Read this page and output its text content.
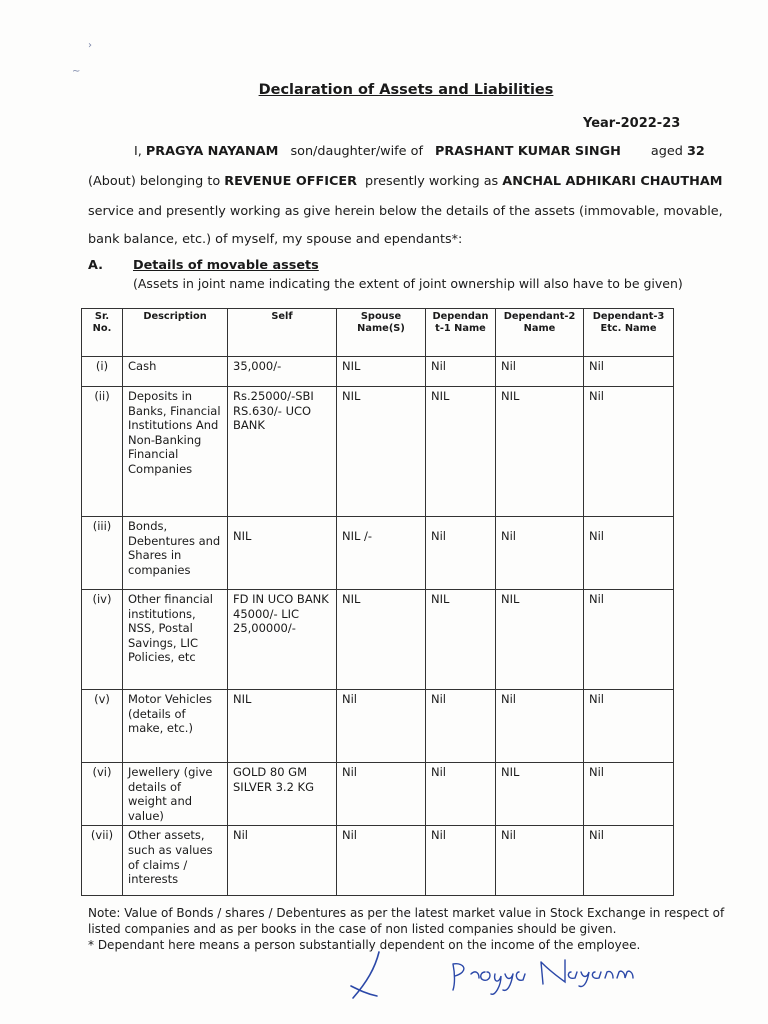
›
∼
Declaration of Assets and Liabilities
Year-2022-23
I, PRAGYA NAYANAM son/daughter/wife of PRASHANT KUMAR SINGH aged 32
(About) belonging to REVENUE OFFICER presently working as ANCHAL ADHIKARI CHAUTHAM
service and presently working as give herein below the details of the assets (immovable, movable,
bank balance, etc.) of myself, my spouse and ependants*:
A. Details of movable assets
(Assets in joint name indicating the extent of joint ownership will also have to be given)
Sr. No.	Description	Self	Spouse Name(S)	Dependan t-1 Name	Dependant-2 Name	Dependant-3 Etc. Name
(i)	Cash	35,000/-	NIL	Nil	Nil	Nil
(ii)	Deposits in Banks, Financial Institutions And Non-Banking Financial Companies	Rs.25000/-SBI RS.630/- UCO BANK	NIL	NIL	NIL	Nil
(iii)	Bonds, Debentures and Shares in companies	NIL	NIL /-	Nil	Nil	Nil
(iv)	Other financial institutions, NSS, Postal Savings, LIC Policies, etc	FD IN UCO BANK 45000/- LIC 25,00000/-	NIL	NIL	NIL	Nil
(v)	Motor Vehicles (details of make, etc.)	NIL	Nil	Nil	Nil	Nil
(vi)	Jewellery (give details of weight and value)	GOLD 80 GM SILVER 3.2 KG	Nil	Nil	NIL	Nil
(vii)	Other assets, such as values of claims / interests	Nil	Nil	Nil	Nil	Nil
Note: Value of Bonds / shares / Debentures as per the latest market value in Stock Exchange in respect of listed companies and as per books in the case of non listed companies should be given.
* Dependant here means a person substantially dependent on the income of the employee.
